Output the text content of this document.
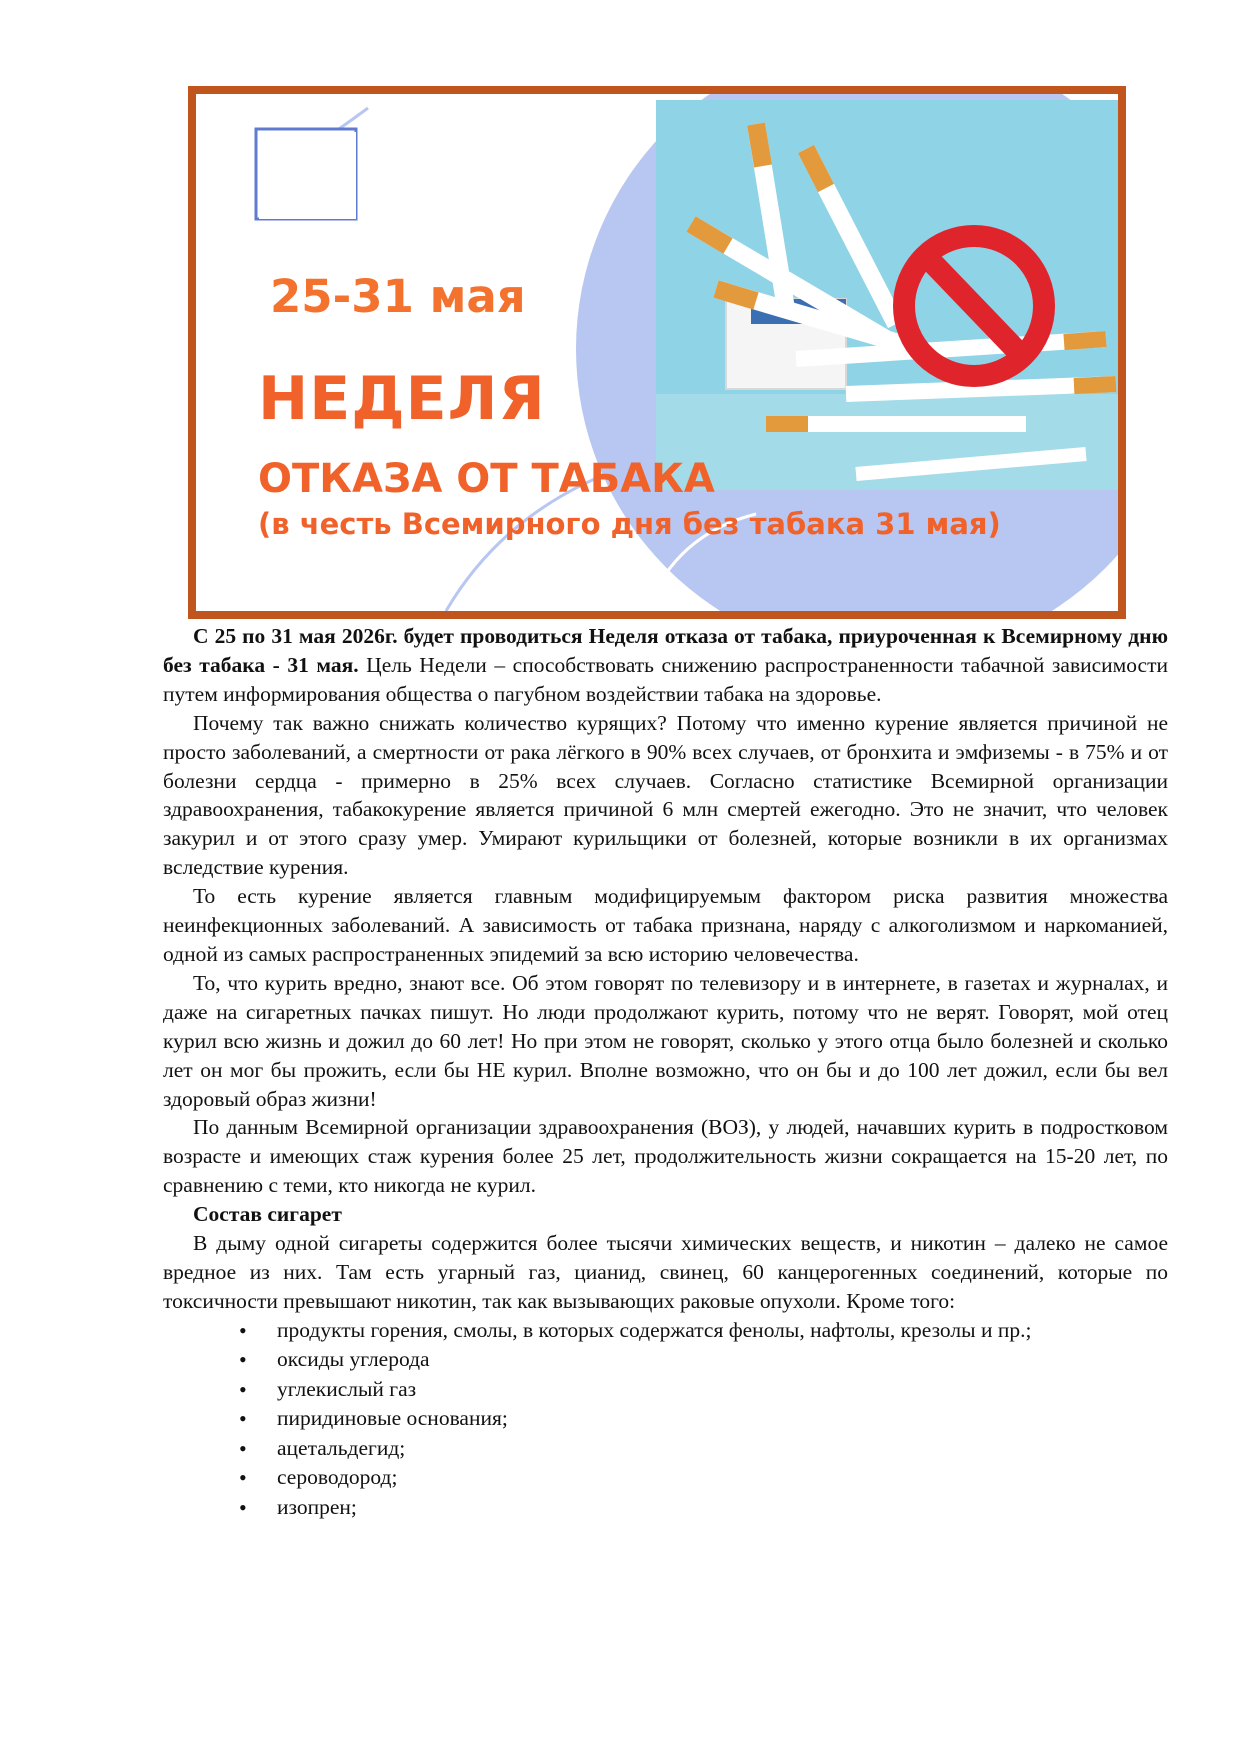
25-31 мая
НЕДЕЛЯ
ОТКАЗА ОТ ТАБАКА
(в честь Всемирного дня без табака 31 мая)

С 25 по 31 мая 2026г. будет проводиться Неделя отказа от табака, приуроченная к Всемирному дню без табака - 31 мая. Цель Недели – способствовать снижению распространенности табачной зависимости путем информирования общества о пагубном воздействии табака на здоровье.

Почему так важно снижать количество курящих? Потому что именно курение является причиной не просто заболеваний, а смертности от рака лёгкого в 90% всех случаев, от бронхита и эмфиземы - в 75% и от болезни сердца - примерно в 25% всех случаев. Согласно статистике Всемирной организации здравоохранения, табакокурение является причиной 6 млн смертей ежегодно. Это не значит, что человек закурил и от этого сразу умер. Умирают курильщики от болезней, которые возникли в их организмах вследствие курения.

То есть курение является главным модифицируемым фактором риска развития множества неинфекционных заболеваний. А зависимость от табака признана, наряду с алкоголизмом и наркоманией, одной из самых распространенных эпидемий за всю историю человечества.

То, что курить вредно, знают все. Об этом говорят по телевизору и в интернете, в газетах и журналах, и даже на сигаретных пачках пишут. Но люди продолжают курить, потому что не верят. Говорят, мой отец курил всю жизнь и дожил до 60 лет! Но при этом не говорят, сколько у этого отца было болезней и сколько лет он мог бы прожить, если бы НЕ курил. Вполне возможно, что он бы и до 100 лет дожил, если бы вел здоровый образ жизни!

По данным Всемирной организации здравоохранения (ВОЗ), у людей, начавших курить в подростковом возрасте и имеющих стаж курения более 25 лет, продолжительность жизни сокращается на 15-20 лет, по сравнению с теми, кто никогда не курил.

Состав сигарет

В дыму одной сигареты содержится более тысячи химических веществ, и никотин – далеко не самое вредное из них. Там есть угарный газ, цианид, свинец, 60 канцерогенных соединений, которые по токсичности превышают никотин, так как вызывающих раковые опухоли. Кроме того:

• продукты горения, смолы, в которых содержатся фенолы, нафтолы, крезолы и пр.;
• оксиды углерода
• углекислый газ
• пиридиновые основания;
• ацетальдегид;
• сероводород;
• изопрен;
